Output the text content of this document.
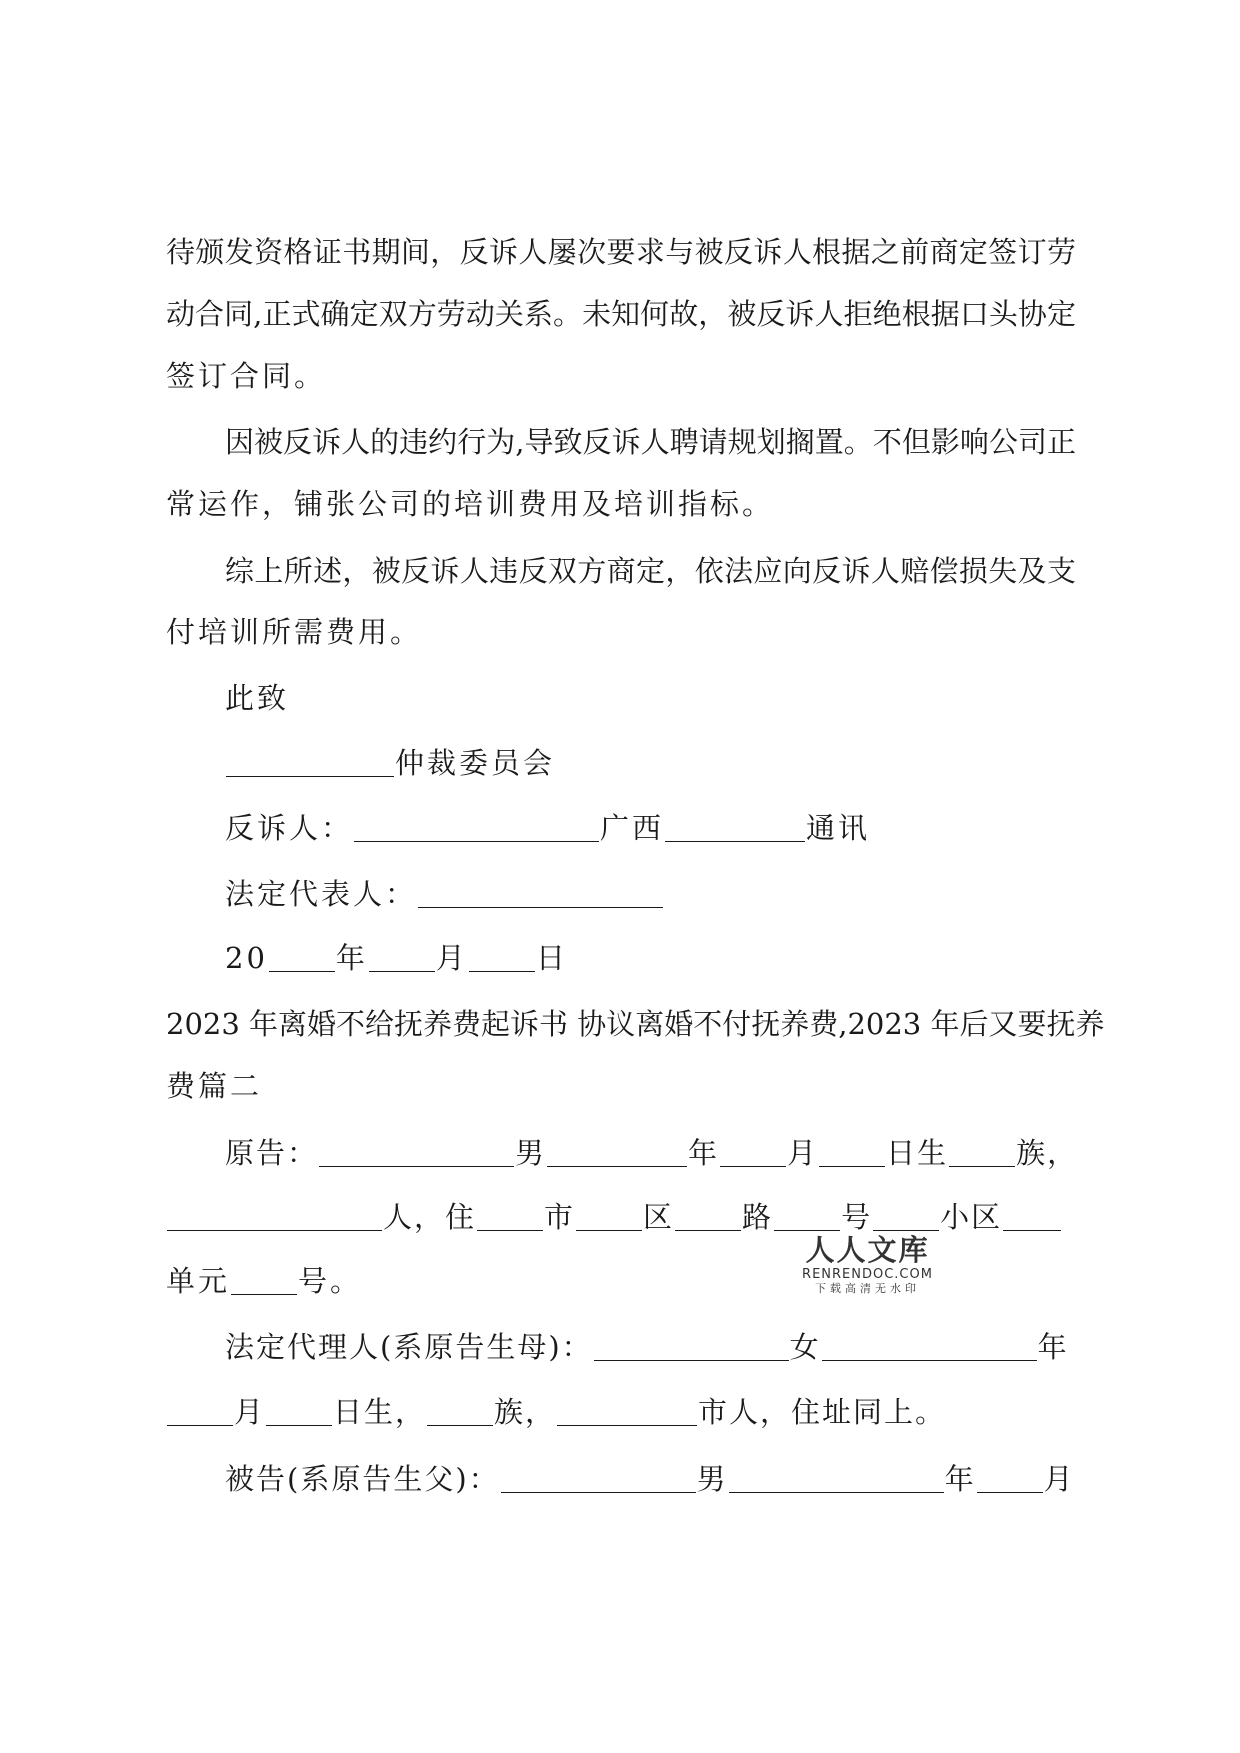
待颁发资格证书期间，反诉人屡次要求与被反诉人根据之前商定签订劳
动合同,正式确定双方劳动关系。未知何故，被反诉人拒绝根据口头协定
签订合同。
因被反诉人的违约行为,导致反诉人聘请规划搁置。不但影响公司正
常运作，铺张公司的培训费用及培训指标。
综上所述，被反诉人违反双方商定，依法应向反诉人赔偿损失及支
付培训所需费用。
此致
仲裁委员会
反诉人：	广西	通讯
法定代表人：
20 年 月 日
2023 年离婚不给抚养费起诉书 协议离婚不付抚养费,2023 年后又要抚养
费篇二
原告：	男	年 月 日生 族，
人，住 市 区 路 号 小区
单元 号。
法定代理人(系原告生母)：	女	年
月 日生， 族，	市人，住址同上。
被告(系原告生父)：	男	年 月
人人文库
RENRENDOC.COM
下载高清无水印
